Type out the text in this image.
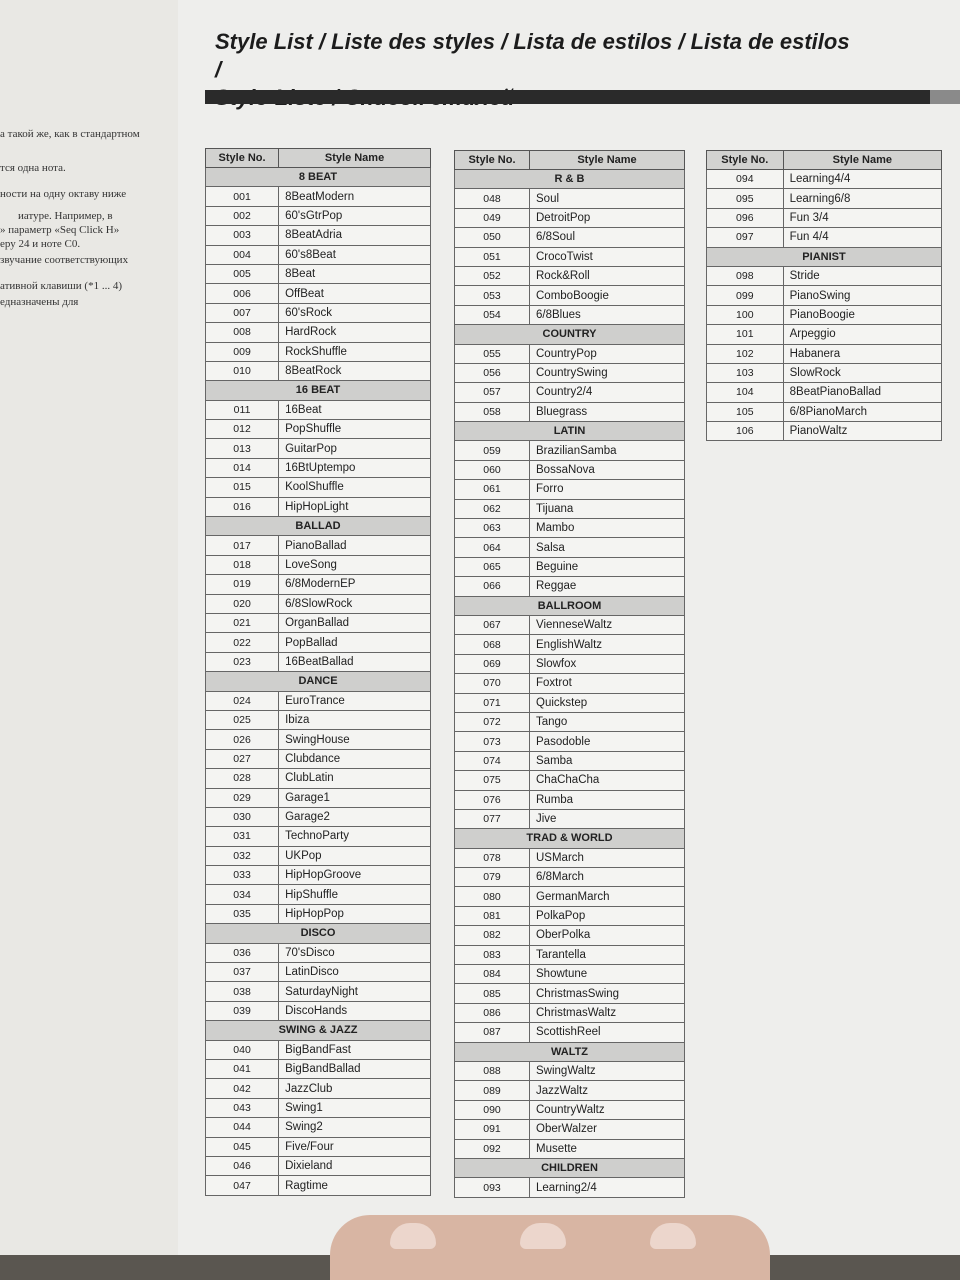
а такой же, как в стандартном
тся одна нота.
ности на одну октаву ниже
иатуре. Например, в
» параметр «Seq Click H»
еру 24 и ноте C0.
звучание соответствующих
ативной клавиши (*1 ... 4)
едназначены для
Style List / Liste des styles / Lista de estilos / Lista de estilos /
Style No.	Style Name
8 BEAT	
001	8BeatModern
002	60'sGtrPop
003	8BeatAdria
004	60's8Beat
005	8Beat
006	OffBeat
007	60'sRock
008	HardRock
009	RockShuffle
010	8BeatRock
16 BEAT	
011	16Beat
012	PopShuffle
013	GuitarPop
014	16BtUptempo
015	KoolShuffle
016	HipHopLight
BALLAD	
017	PianoBallad
018	LoveSong
019	6/8ModernEP
020	6/8SlowRock
021	OrganBallad
022	PopBallad
023	16BeatBallad
DANCE	
024	EuroTrance
025	Ibiza
026	SwingHouse
027	Clubdance
028	ClubLatin
029	Garage1
030	Garage2
031	TechnoParty
032	UKPop
033	HipHopGroove
034	HipShuffle
035	HipHopPop
DISCO	
036	70'sDisco
037	LatinDisco
038	SaturdayNight
039	DiscoHands
SWING & JAZZ	
040	BigBandFast
041	BigBandBallad
042	JazzClub
043	Swing1
044	Swing2
045	Five/Four
046	Dixieland
047	Ragtime
Style No.	Style Name
R & B	
048	Soul
049	DetroitPop
050	6/8Soul
051	CrocoTwist
052	Rock&Roll
053	ComboBoogie
054	6/8Blues
COUNTRY	
055	CountryPop
056	CountrySwing
057	Country2/4
058	Bluegrass
LATIN	
059	BrazilianSamba
060	BossaNova
061	Forro
062	Tijuana
063	Mambo
064	Salsa
065	Beguine
066	Reggae
BALLROOM	
067	VienneseWaltz
068	EnglishWaltz
069	Slowfox
070	Foxtrot
071	Quickstep
072	Tango
073	Pasodoble
074	Samba
075	ChaChaCha
076	Rumba
077	Jive
TRAD & WORLD	
078	USMarch
079	6/8March
080	GermanMarch
081	PolkaPop
082	OberPolka
083	Tarantella
084	Showtune
085	ChristmasSwing
086	ChristmasWaltz
087	ScottishReel
WALTZ	
088	SwingWaltz
089	JazzWaltz
090	CountryWaltz
091	OberWalzer
092	Musette
CHILDREN	
093	Learning2/4
Style No.	Style Name
094	Learning4/4
095	Learning6/8
096	Fun 3/4
097	Fun 4/4
PIANIST	
098	Stride
099	PianoSwing
100	PianoBoogie
101	Arpeggio
102	Habanera
103	SlowRock
104	8BeatPianoBallad
105	6/8PianoMarch
106	PianoWaltz
